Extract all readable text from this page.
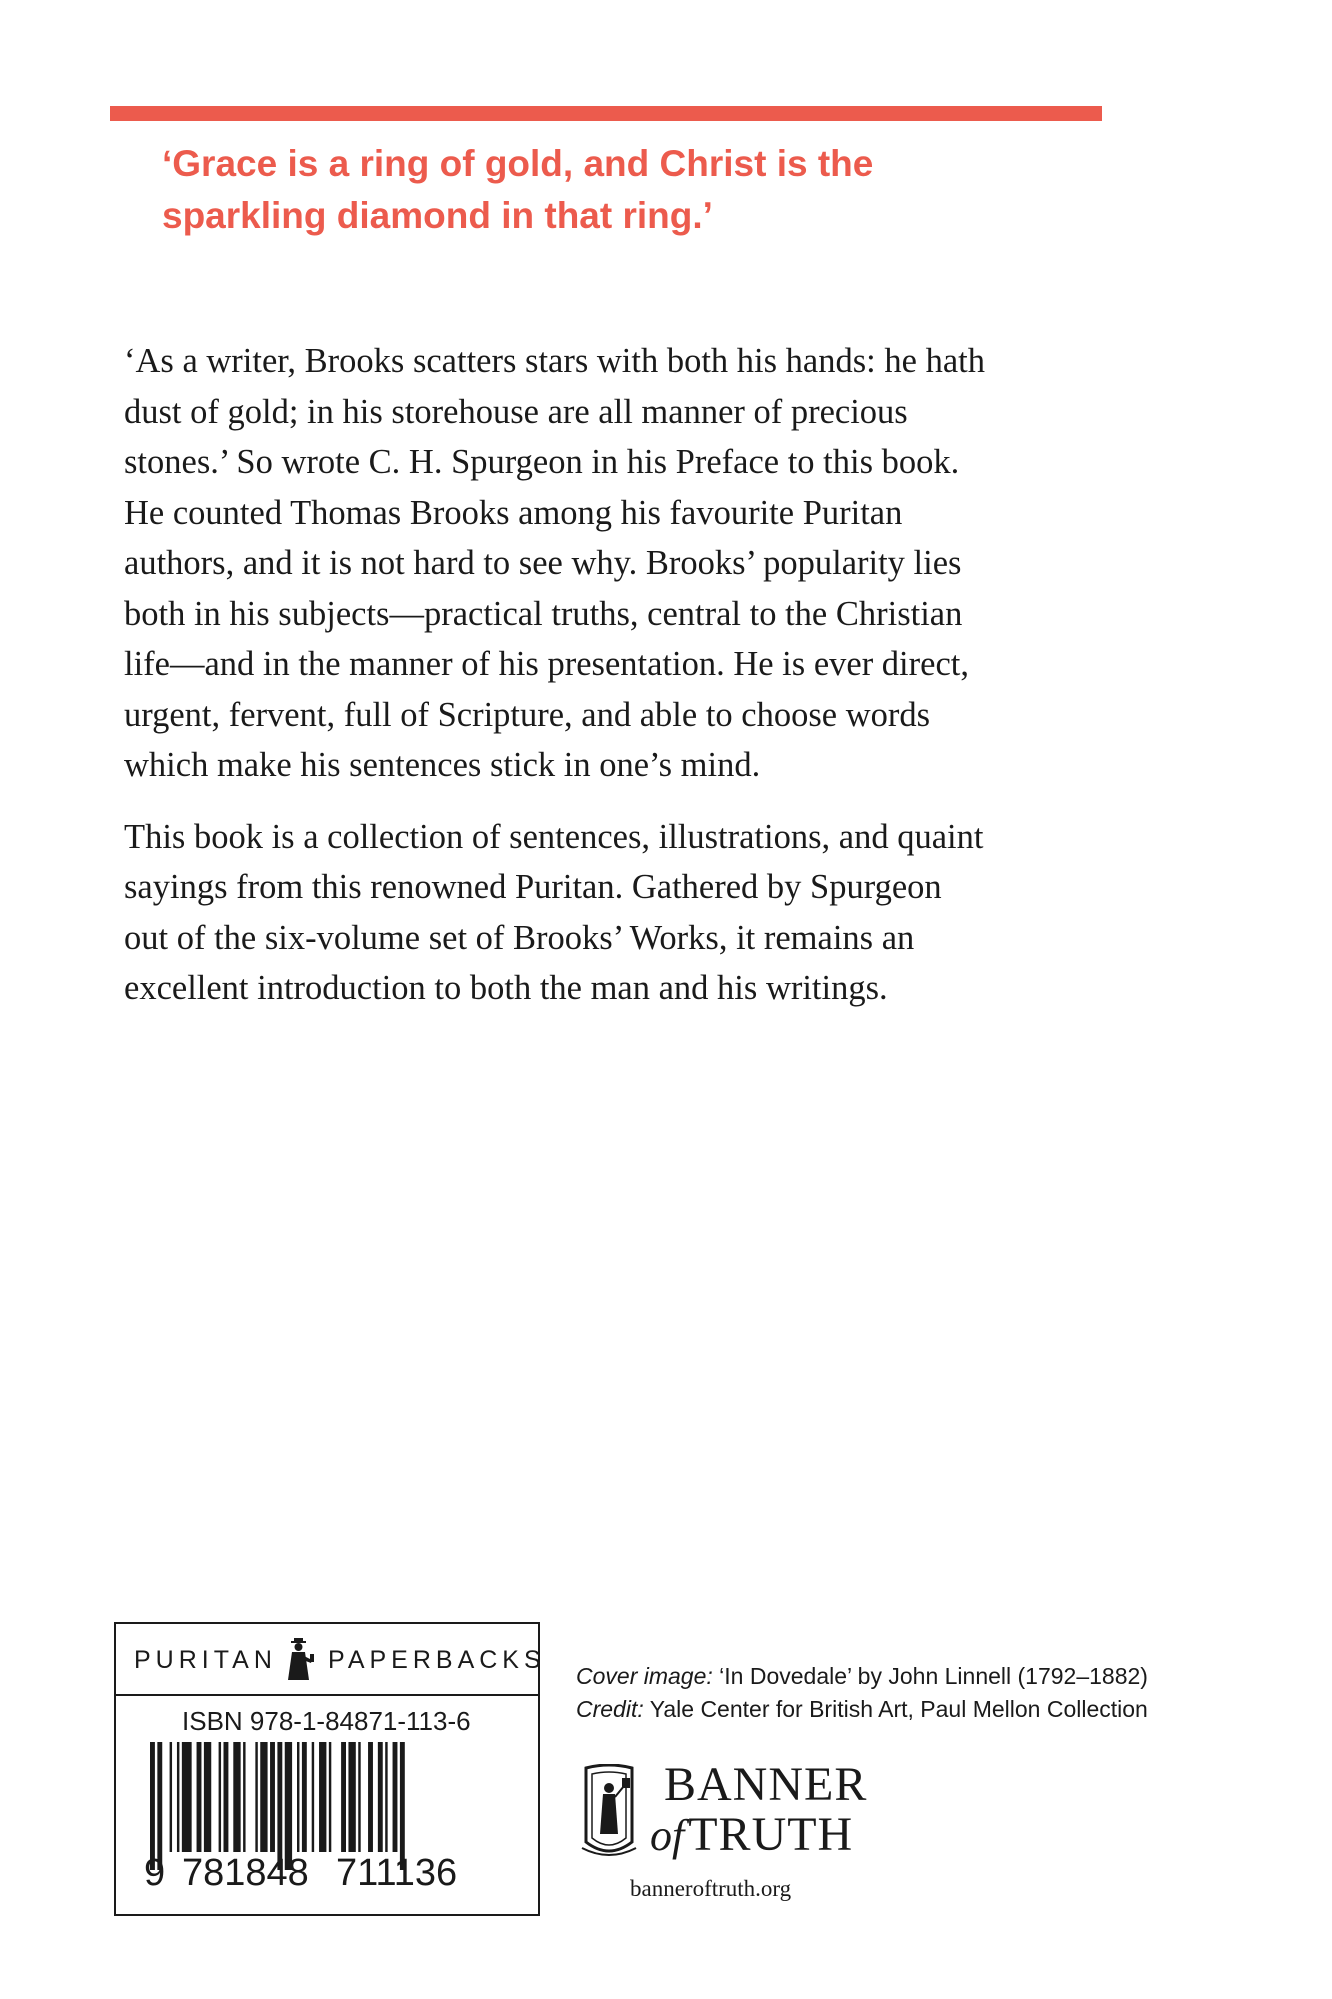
‘Grace is a ring of gold, and Christ is the
sparkling diamond in that ring.’

‘As a writer, Brooks scatters stars with both his hands: he hath
dust of gold; in his storehouse are all manner of precious
stones.’ So wrote C. H. Spurgeon in his Preface to this book.
He counted Thomas Brooks among his favourite Puritan
authors, and it is not hard to see why. Brooks’ popularity lies
both in his subjects—practical truths, central to the Christian
life—and in the manner of his presentation. He is ever direct,
urgent, fervent, full of Scripture, and able to choose words
which make his sentences stick in one’s mind.

This book is a collection of sentences, illustrations, and quaint
sayings from this renowned Puritan. Gathered by Spurgeon
out of the six-volume set of Brooks’ Works, it remains an
excellent introduction to both the man and his writings.

PURITAN PAPERBACKS
ISBN 978-1-84871-113-6
9 781848 711136
Cover image: ‘In Dovedale’ by John Linnell (1792–1882)
Credit: Yale Center for British Art, Paul Mellon Collection
BANNER
ofTRUTH
banneroftruth.org
